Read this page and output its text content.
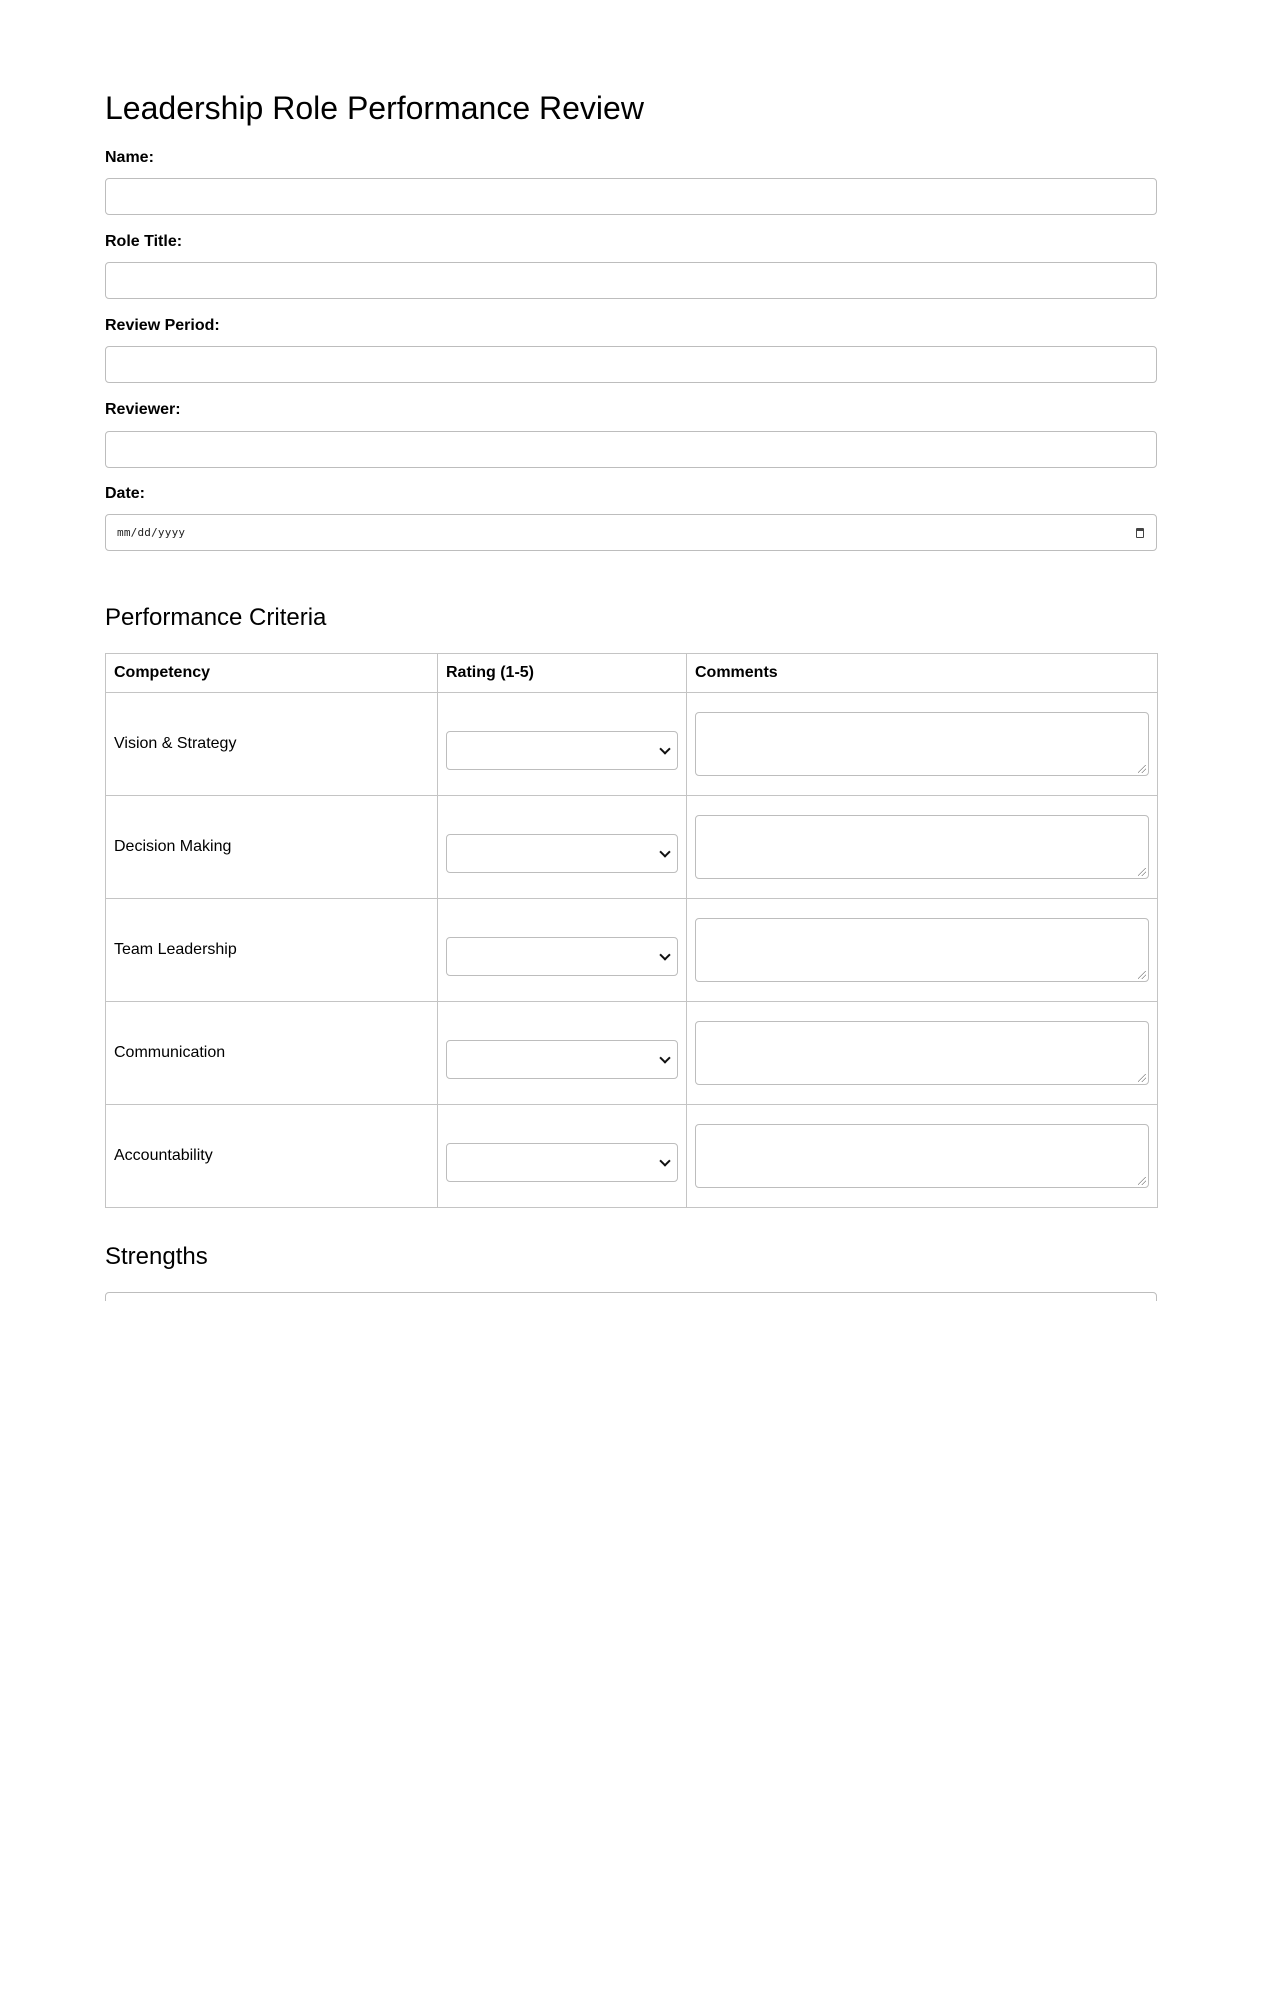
Leadership Role Performance Review
Name:
Role Title:
Review Period:
Reviewer:
Date:
mm/dd/yyyy
Performance Criteria
Competency	Rating (1-5)	Comments
Vision & Strategy	

Decision Making	

Team Leadership	

Communication	

Accountability	

Strengths
